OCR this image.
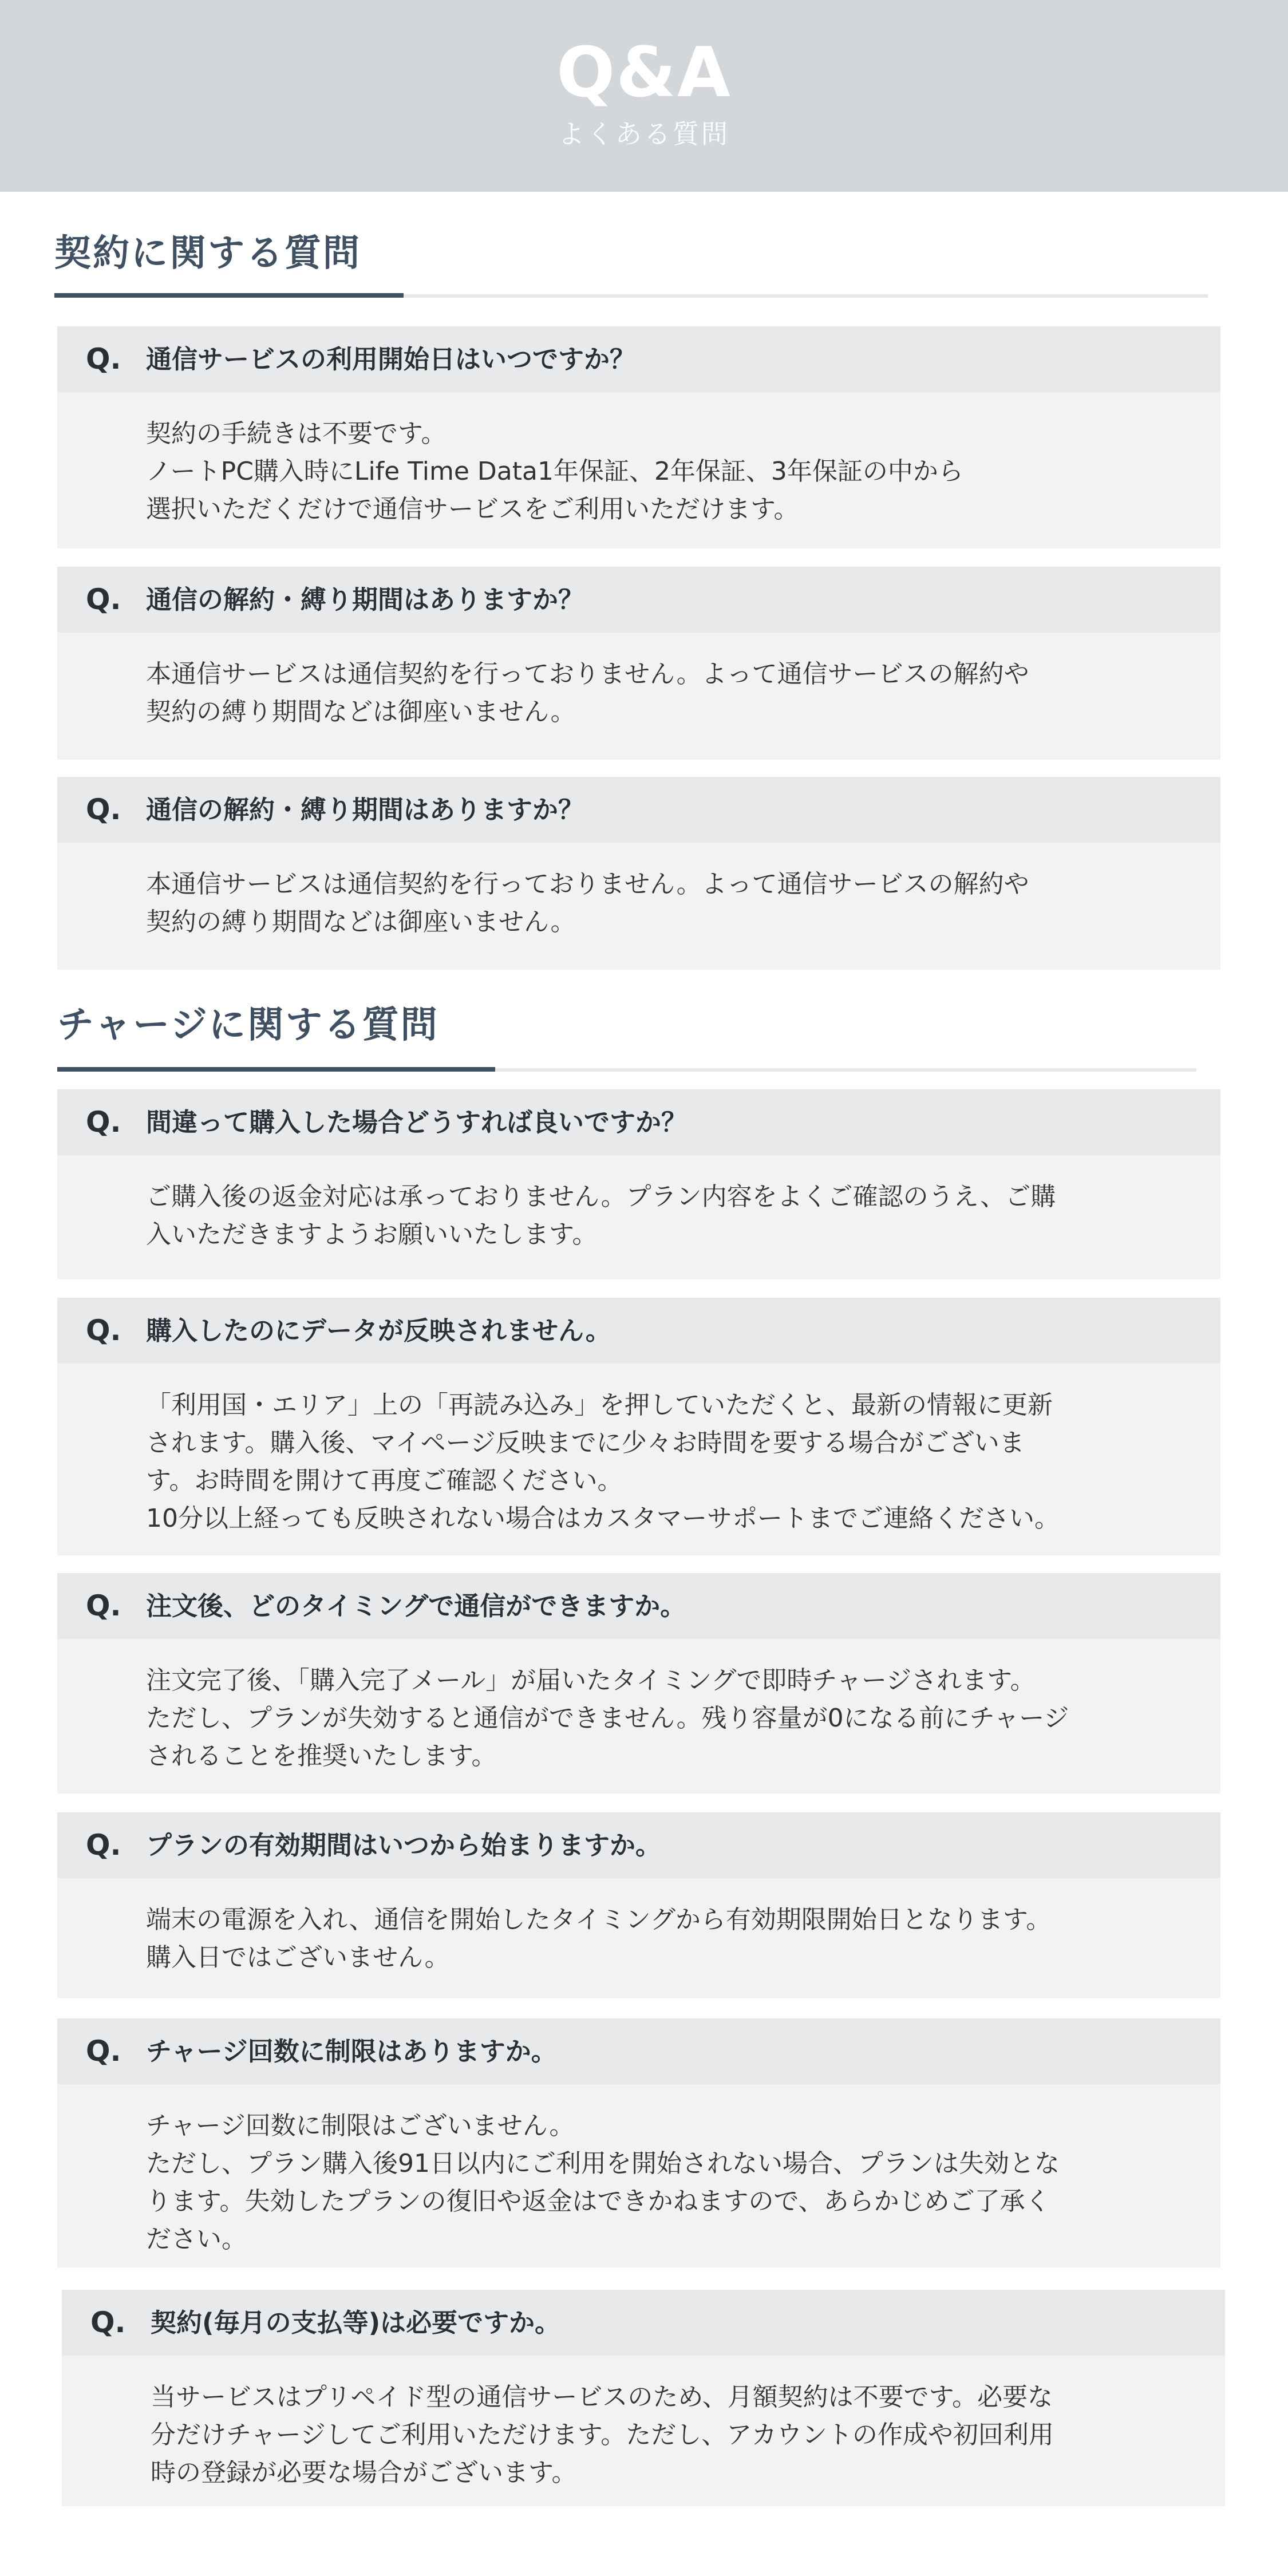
Q&A
よくある質問
契約に関する質問
Q. 通信サービスの利用開始日はいつですか？
契約の手続きは不要です。
ノートPC購入時にLife Time Data1年保証、2年保証、3年保証の中から
選択いただくだけで通信サービスをご利用いただけます。
Q. 通信の解約・縛り期間はありますか？
本通信サービスは通信契約を行っておりません。よって通信サービスの解約や
契約の縛り期間などは御座いません。
Q. 通信の解約・縛り期間はありますか？
本通信サービスは通信契約を行っておりません。よって通信サービスの解約や
契約の縛り期間などは御座いません。
チャージに関する質問
Q. 間違って購入した場合どうすれば良いですか？
ご購入後の返金対応は承っておりません。プラン内容をよくご確認のうえ、ご購
入いただきますようお願いいたします。
Q. 購入したのにデータが反映されません。
「利用国・エリア」上の「再読み込み」を押していただくと、最新の情報に更新
されます。購入後、マイページ反映までに少々お時間を要する場合がございま
す。お時間を開けて再度ご確認ください。
10分以上経っても反映されない場合はカスタマーサポートまでご連絡ください。
Q. 注文後、どのタイミングで通信ができますか。
注文完了後、「購入完了メール」が届いたタイミングで即時チャージされます。
ただし、プランが失効すると通信ができません。残り容量が0になる前にチャージ
されることを推奨いたします。
Q. プランの有効期間はいつから始まりますか。
端末の電源を入れ、通信を開始したタイミングから有効期限開始日となります。
購入日ではございません。
Q. チャージ回数に制限はありますか。
チャージ回数に制限はございません。
ただし、プラン購入後91日以内にご利用を開始されない場合、プランは失効とな
ります。失効したプランの復旧や返金はできかねますので、あらかじめご了承く
ださい。
Q. 契約(毎月の支払等)は必要ですか。
当サービスはプリペイド型の通信サービスのため、月額契約は不要です。必要な
分だけチャージしてご利用いただけます。ただし、アカウントの作成や初回利用
時の登録が必要な場合がございます。
